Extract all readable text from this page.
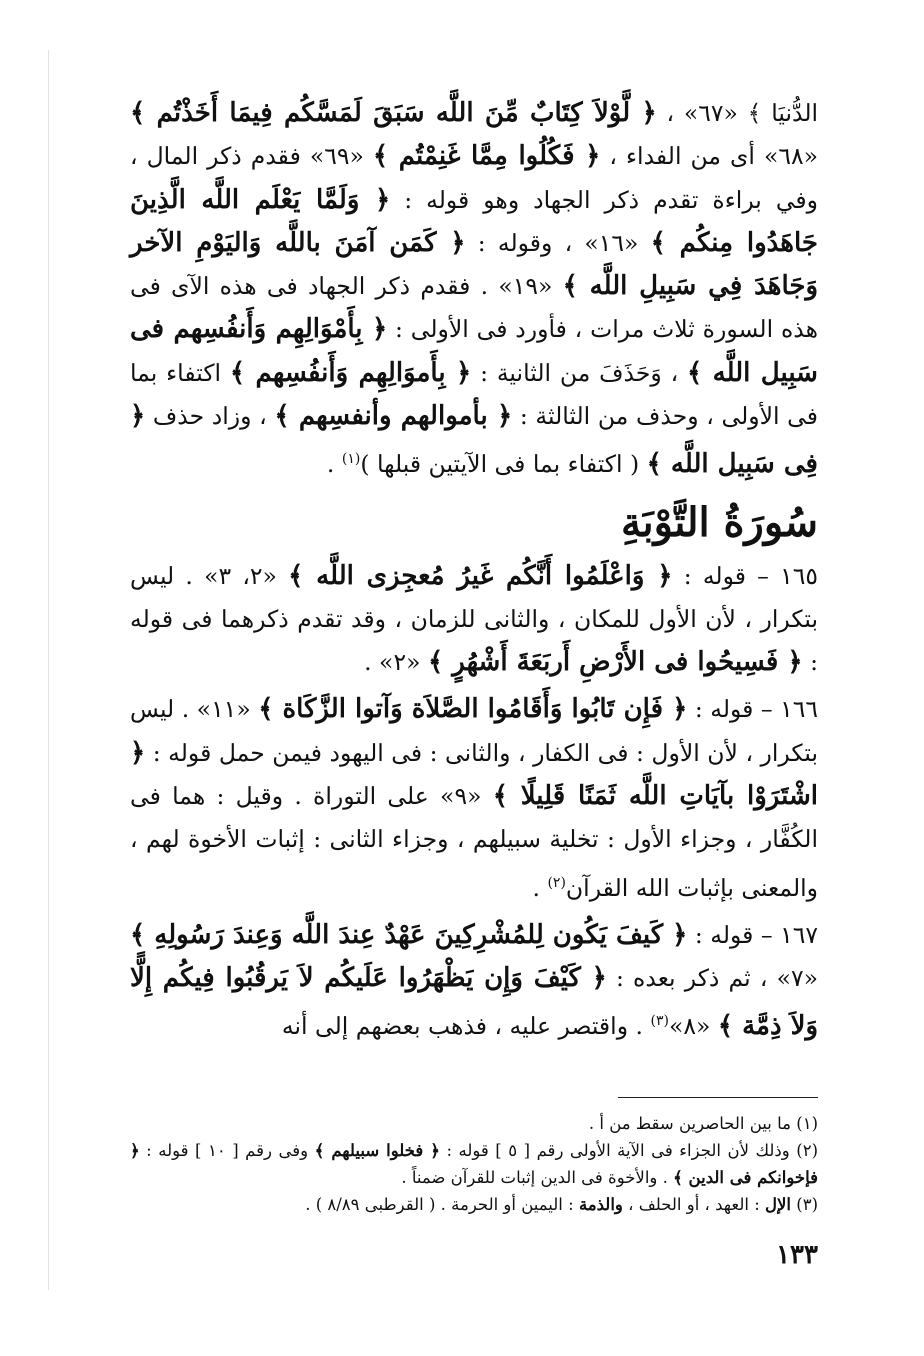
الدُّنيَا ﴾ «٦٧» ، ﴿ لَّوْلاَ كِتَابٌ مِّنَ اللَّه سَبَقَ لَمَسَّكُم فِيمَا أَخَذْتُم ﴾ «٦٨» أى من الفداء ، ﴿ فَكُلُوا مِمَّا غَنِمْتُم ﴾ «٦٩» فقدم ذكر المال ، وفي براءة تقدم ذكر الجهاد وهو قوله : ﴿ وَلَمَّا يَعْلَم اللَّه الَّذِينَ جَاهَدُوا مِنكُم ﴾ «١٦» ، وقوله : ﴿ كَمَن آمَنَ باللَّه وَاليَوْمِ الآخر وَجَاهَدَ فِي سَبِيلِ اللَّه ﴾ «١٩» . فقدم ذكر الجهاد فى هذه الآى فى هذه السورة ثلاث مرات ، فأورد فى الأولى : ﴿ بِأَمْوَالِهِم وَأَنفُسِهم فى سَبِيل اللَّه ﴾ ، وَحَذَفَ من الثانية : ﴿ بِأَموَالِهِم وَأَنفُسِهم ﴾ اكتفاء بما فى الأولى ، وحذف من الثالثة : ﴿ بأموالهم وأنفسِهم ﴾ ، وزاد حذف ﴿ فِى سَبِيل اللَّه ﴾ ( اكتفاء بما فى الآيتين قبلها )$^{(١)}$ .

سُورَةُ التَّوْبَةِ

١٦٥ – قوله : ﴿ وَاعْلَمُوا أَنَّكُم غَيرُ مُعجِزى اللَّه ﴾ «٢، ٣» . ليس بتكرار ، لأن الأول للمكان ، والثانى للزمان ، وقد تقدم ذكرهما فى قوله : ﴿ فَسِيحُوا فى الأَرْضِ أَربَعَةَ أَشْهُرٍ ﴾ «٢» .

١٦٦ – قوله : ﴿ فَإِن تَابُوا وَأَقَامُوا الصَّلاَة وَآتوا الزَّكَاة ﴾ «١١» . ليس بتكرار ، لأن الأول : فى الكفار ، والثانى : فى اليهود فيمن حمل قوله : ﴿ اشْتَرَوْا بآيَاتِ اللَّه ثَمَنًا قَلِيلًا ﴾ «٩» على التوراة . وقيل : هما فى الكُفَّار ، وجزاء الأول : تخلية سبيلهم ، وجزاء الثانى : إثبات الأخوة لهم ، والمعنى بإثبات الله القرآن$^{(٢)}$ .

١٦٧ – قوله : ﴿ كَيفَ يَكُون لِلمُشْرِكِينَ عَهْدٌ عِندَ اللَّه وَعِندَ رَسُولِهِ ﴾ «٧» ، ثم ذكر بعده : ﴿ كَيْفَ وَإِن يَظْهَرُوا عَلَيكُم لاَ يَرقُبُوا فِيكُم إِلًّا وَلاَ ذِمَّة ﴾ «٨»$^{(٣)}$ . واقتصر عليه ، فذهب بعضهم إلى أنه

(١) ما بين الحاصرين سقط من أ .

(٢) وذلك لأن الجزاء فى الآية الأولى رقم [ ٥ ] قوله : ﴿ فخلوا سبيلهم ﴾ وفى رقم [ ١٠ ] قوله : ﴿ فإخوانكم فى الدين ﴾ . والأخوة فى الدين إثبات للقرآن ضمناً .

(٣) الإل : العهد ، أو الحلف ، والذمة : اليمين أو الحرمة . ( القرطبى ٨/٨٩ ) .

١٣٣
